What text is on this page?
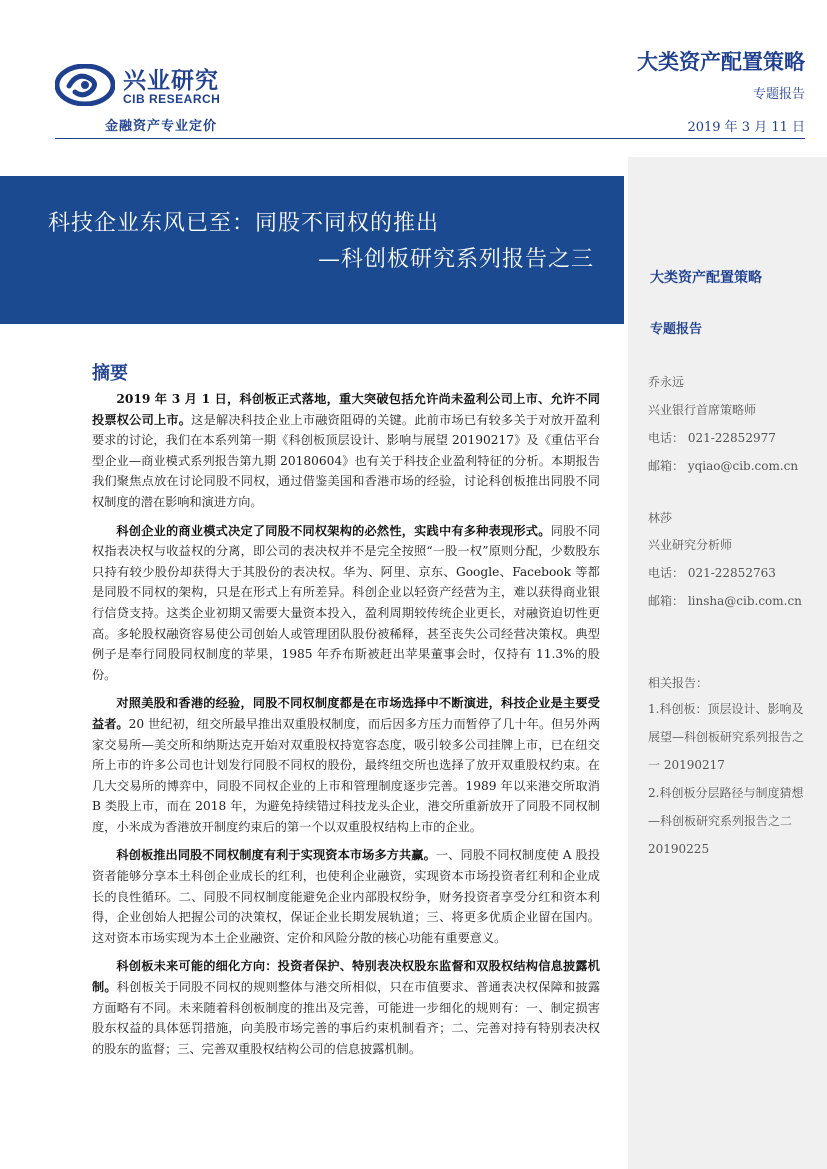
兴业研究
CIB RESEARCH
金融资产专业定价
大类资产配置策略
专题报告
2019 年 3 月 11 日
科技企业东风已至：同股不同权的推出
—科创板研究系列报告之三
大类资产配置策略
专题报告
乔永远
兴业银行首席策略师
电话： 021-22852977
邮箱： yqiao@cib.com.cn
林莎
兴业研究分析师
电话： 021-22852763
邮箱： linsha@cib.com.cn
相关报告：
1.科创板：顶层设计、影响及展望—科创板研究系列报告之一 20190217
2.科创板分层路径与制度猜想—科创板研究系列报告之二 20190225
摘要

2019 年 3 月 1 日，科创板正式落地，重大突破包括允许尚未盈利公司上市、允许不同投票权公司上市。这是解决科技企业上市融资阻碍的关键。此前市场已有较多关于对放开盈利要求的讨论，我们在本系列第一期《科创板顶层设计、影响与展望 20190217》及《重估平台型企业—商业模式系列报告第九期 20180604》也有关于科技企业盈利特征的分析。本期报告我们聚焦点放在讨论同股不同权，通过借鉴美国和香港市场的经验，讨论科创板推出同股不同权制度的潜在影响和演进方向。

科创企业的商业模式决定了同股不同权架构的必然性，实践中有多种表现形式。同股不同权指表决权与收益权的分离，即公司的表决权并不是完全按照“一股一权”原则分配，少数股东只持有较少股份却获得大于其股份的表决权。华为、阿里、京东、Google、Facebook 等都是同股不同权的架构，只是在形式上有所差异。科创企业以轻资产经营为主，难以获得商业银行信贷支持。这类企业初期又需要大量资本投入，盈利周期较传统企业更长，对融资迫切性更高。多轮股权融资容易使公司创始人或管理团队股份被稀释，甚至丧失公司经营决策权。典型例子是奉行同股同权制度的苹果，1985 年乔布斯被赶出苹果董事会时，仅持有 11.3%的股份。

对照美股和香港的经验，同股不同权制度都是在市场选择中不断演进，科技企业是主要受益者。20 世纪初，纽交所最早推出双重股权制度，而后因多方压力而暂停了几十年。但另外两家交易所—美交所和纳斯达克开始对双重股权持宽容态度，吸引较多公司挂牌上市，已在纽交所上市的许多公司也计划发行同股不同权的股份，最终纽交所也选择了放开双重股权约束。在几大交易所的博弈中，同股不同权企业的上市和管理制度逐步完善。1989 年以来港交所取消 B 类股上市，而在 2018 年，为避免持续错过科技龙头企业，港交所重新放开了同股不同权制度，小米成为香港放开制度约束后的第一个以双重股权结构上市的企业。

科创板推出同股不同权制度有利于实现资本市场多方共赢。一、同股不同权制度使 A 股投资者能够分享本土科创企业成长的红利，也使利企业融资，实现资本市场投资者红利和企业成长的良性循环。二、同股不同权制度能避免企业内部股权纷争，财务投资者享受分红和资本利得，企业创始人把握公司的决策权，保证企业长期发展轨道；三、将更多优质企业留在国内。这对资本市场实现为本土企业融资、定价和风险分散的核心功能有重要意义。

科创板未来可能的细化方向：投资者保护、特别表决权股东监督和双股权结构信息披露机制。科创板关于同股不同权的规则整体与港交所相似，只在市值要求、普通表决权保障和披露方面略有不同。未来随着科创板制度的推出及完善，可能进一步细化的规则有：一、制定损害股东权益的具体惩罚措施，向美股市场完善的事后约束机制看齐；二、完善对持有特别表决权的股东的监督；三、完善双重股权结构公司的信息披露机制。
